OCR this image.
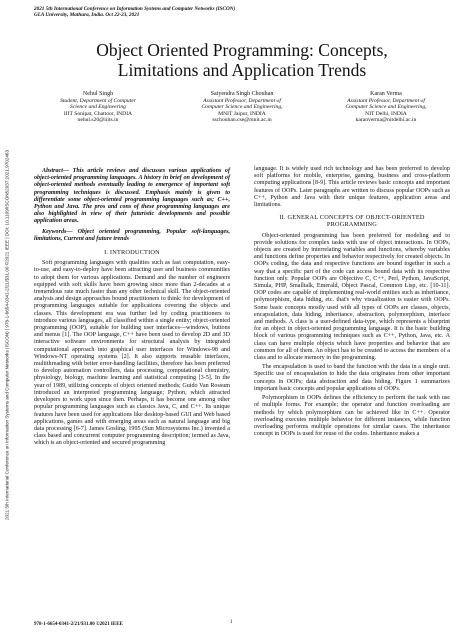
2021 5th International Conference on Information Systems and Computer Networks (ISCON)
GLA University, Mathura, India. Oct 22-23, 2021
2021 5th International Conference on Information Systems and Computer Networks (ISCON) | 978-1-6654-0341-2/21/$31.00 ©2021 IEEE | DOI: 10.1109/ISCON52037.2021.9702463
Object Oriented Programming: Concepts,
Limitations and Application Trends
Nehul Singh
Student, Department of Computer
Science and Engineering
IIIT Sonipat, Chattoor, INDIA
nehul.s20@iiits.in
Satyendra Singh Chouhan
Assistant Professor, Department of
Computer Science and Engineering,
MNIT Jaipur, INDIA
sschouhan.cse@mnit.ac.in
Karan Verma
Assistant Professor, Department of
Computer Science and Engineering,
NIT Delhi, INDIA
karanverma@nitdelhi.ac.in

Abstract— This article reviews and discusses various applications of object-oriented programming languages. A history in brief on development of object-oriented methods eventually leading to emergence of important soft programming techniques is discussed. Emphasis mainly is given to differentiate some object-oriented programming languages such as; C++, Python and Java. The pros and cons of these programming languages are also highlighted in view of their futuristic developments and possible application areas.

Keywords— Object oriented programming, Popular soft-languages, limitations, Current and future trends

I. INTRODUCTION

Soft programming languages with qualities such as fast computation, easy-to-use, and easy-to-deploy have been attracting user and business communities to adopt them for various applications. Demand and the number of engineers equipped with soft skills have been growing since more than 2-decades at a tremendous rate much faster than any other technical skill. The object-oriented analysis and design approaches bound practitioners to think: for development of programming languages suitable for applications covering the objects and classes. This development era was further led by coding practitioners to introduce various languages, all classified within a single entity; object-oriented programming (OOP), suitable for building user interfaces—windows, buttons and menus [1]. The OOP language, C++ have been used to develop 2D and 3D interactive software environments for structural analysis by integrated computational approach into graphical user interfaces for Windows-98 and Windows-NT operating systems [2]. It also supports reusable interfaces, multithreading with better error-handling facilities, therefore has been preferred to develop automation controllers, data processing, computational chemistry, physiology, biology, machine learning and statistical computing [3-5]. In the year of 1989, utilizing concepts of object oriented methods; Guido Van Rossum introduced an interpreted programming language; Python, which attracted developers to work upon since then. Perhaps, it has become one among other popular programming languages such as classics Java, C, and C++. Its unique features have been used for applications like desktop-based GUI and Web based applications, games and with emerging areas such as natural language and big data processing [6-7]. James Gosling, 1995 (Sun Microsystems Inc.) invented a class based and concurrent computer programming description; termed as Java, which is an object-oriented and secured programming

language. It is widely used rich technology and has been preferred to develop soft platforms for mobile, enterprise, gaming, business and cross-platform computing applications [8-9]. This article reviews basic concepts and important features of OOPs. Later paragraphs are written to discuss popular OOPs such as C++, Python and Java with their unique features, application areas and limitations.

II. GENERAL CONCEPTS OF OBJECT-ORIENTED
PROGRAMMING

Object-oriented programming has been preferred for modeling and to provide solutions for complex tasks with use of object interactions. In OOPs, objects are created by interrelating variables and functions, whereby variables and functions define properties and behavior respectively for created objects. In OOPs coding, the data and respective functions are bound together in such a way that a specific part of the code can access bound data with its respective function only. Popular OOPs are Objective C, C++, Perl, Python, JavaScript, Simula, PHP, Smalltalk, Emerald, Object Pascal, Common Lisp, etc. [10-11]. OOP codes are capable of implementing real-world entities such as inheritance, polymorphism, data hiding, etc. that's why visualization is easier with OOPs. Some basic concepts mostly used with all types of OOPs are classes, objects, encapsulation, data hiding, inheritance, abstraction, polymorphism, interface and methods. A class is a user-defined data-type, which represents a blueprint for an object in object-oriented programming language. It is the basic building block of various programming techniques such as C++, Python, Java, etc. A class can have multiple objects which have properties and behavior that are common for all of them. An object has to be created to access the members of a class and to allocate memory in the programming.

The encapsulation is used to band the function with the data in a single unit. Specific use of encapsulation to hide the data originates from other important concepts in OOPs; data abstraction and data hiding. Figure 1 summarizes important basic concepts and popular applications of OOPs.

Polymorphism in OOPs defines the efficiency to perform the task with use of multiple forms. For example; the operator and function overloading are methods by which polymorphism can be achieved like in C++. Operator overloading executes multiple behavior for different instances, while function overloading performs multiple operations for similar cases. The inheritance concept in OOPs is used for reuse of the codes. Inheritance makes a

978-1-6654-0341-2/21/$31.00 ©2021 IEEE	1
